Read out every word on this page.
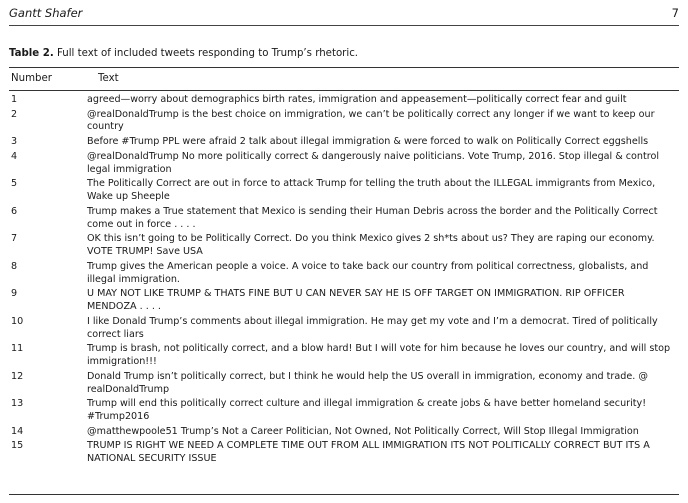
Gantt Shafer	7
Table 2. Full text of included tweets responding to Trump’s rhetoric.
Number	Text
1	agreed—worry about demographics birth rates, immigration and appeasement—politically correct fear and guilt
2	@realDonaldTrump is the best choice on immigration, we can’t be politically correct any longer if we want to keep our country
3	Before #Trump PPL were afraid 2 talk about illegal immigration & were forced to walk on Politically Correct eggshells
4	@realDonaldTrump No more politically correct & dangerously naive politicians. Vote Trump, 2016. Stop illegal & control legal immigration
5	The Politically Correct are out in force to attack Trump for telling the truth about the ILLEGAL immigrants from Mexico, Wake up Sheeple
6	Trump makes a True statement that Mexico is sending their Human Debris across the border and the Politically Correct come out in force . . . .
7	OK this isn’t going to be Politically Correct. Do you think Mexico gives 2 sh*ts about us? They are raping our economy. VOTE TRUMP! Save USA
8	Trump gives the American people a voice. A voice to take back our country from political correctness, globalists, and illegal immigration.
9	U MAY NOT LIKE TRUMP & THATS FINE BUT U CAN NEVER SAY HE IS OFF TARGET ON IMMIGRATION. RIP OFFICER MENDOZA . . . .
10	I like Donald Trump’s comments about illegal immigration. He may get my vote and I’m a democrat. Tired of politically correct liars
11	Trump is brash, not politically correct, and a blow hard! But I will vote for him because he loves our country, and will stop immigration!!!
12	Donald Trump isn’t politically correct, but I think he would help the US overall in immigration, economy and trade. @ realDonaldTrump
13	Trump will end this politically correct culture and illegal immigration & create jobs & have better homeland security! #Trump2016
14	@matthewpoole51 Trump’s Not a Career Politician, Not Owned, Not Politically Correct, Will Stop Illegal Immigration
15	TRUMP IS RIGHT WE NEED A COMPLETE TIME OUT FROM ALL IMMIGRATION ITS NOT POLITICALLY CORRECT BUT ITS A NATIONAL SECURITY ISSUE
